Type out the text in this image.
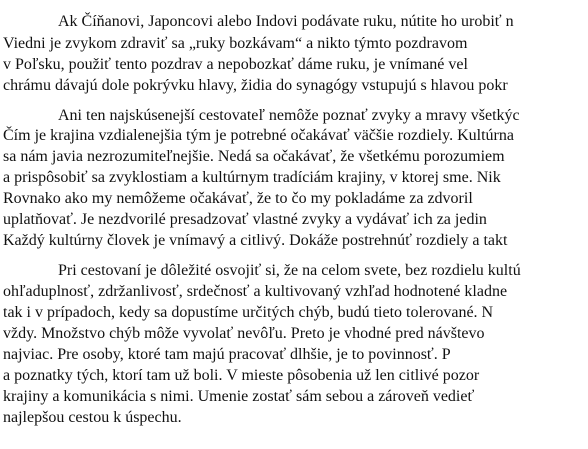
Ak Číňanovi, Japoncovi alebo Indovi podávate ruku, nútite ho urobiť n
Viedni je zvykom zdraviť sa „ruky bozkávam“ a nikto týmto pozdravom
v Poľsku, použiť tento pozdrav a nepobozkať dáme ruku, je vnímané vel
chrámu dávajú dole pokrývku hlavy, židia do synagógy vstupujú s hlavou pokr
Ani ten najskúsenejší cestovateľ nemôže poznať zvyky a mravy všetkýc
Čím je krajina vzdialenejšia tým je potrebné očakávať väčšie rozdiely. Kultúrna
sa nám javia nezrozumiteľnejšie. Nedá sa očakávať, že všetkému porozumiem
a prispôsobiť sa zvyklostiam a kultúrnym tradíciám krajiny, v ktorej sme. Nik
Rovnako ako my nemôžeme očakávať, že to čo my pokladáme za zdvoril
uplatňovať. Je nezdvorilé presadzovať vlastné zvyky a vydávať ich za jedin
Každý kultúrny človek je vnímavý a citlivý. Dokáže postrehnúť rozdiely a takt
Pri cestovaní je dôležité osvojiť si, že na celom svete, bez rozdielu kultú
ohľaduplnosť, zdržanlivosť, srdečnosť a kultivovaný vzhľad hodnotené kladne
tak i v prípadoch, kedy sa dopustíme určitých chýb, budú tieto tolerované. N
vždy. Množstvo chýb môže vyvolať nevôľu. Preto je vhodné pred návštevo
najviac. Pre osoby, ktoré tam majú pracovať dlhšie, je to povinnosť. P
a poznatky tých, ktorí tam už boli. V mieste pôsobenia už len citlivé pozor
krajiny a komunikácia s nimi. Umenie zostať sám sebou a zároveň vedieť
najlepšou cestou k úspechu.
